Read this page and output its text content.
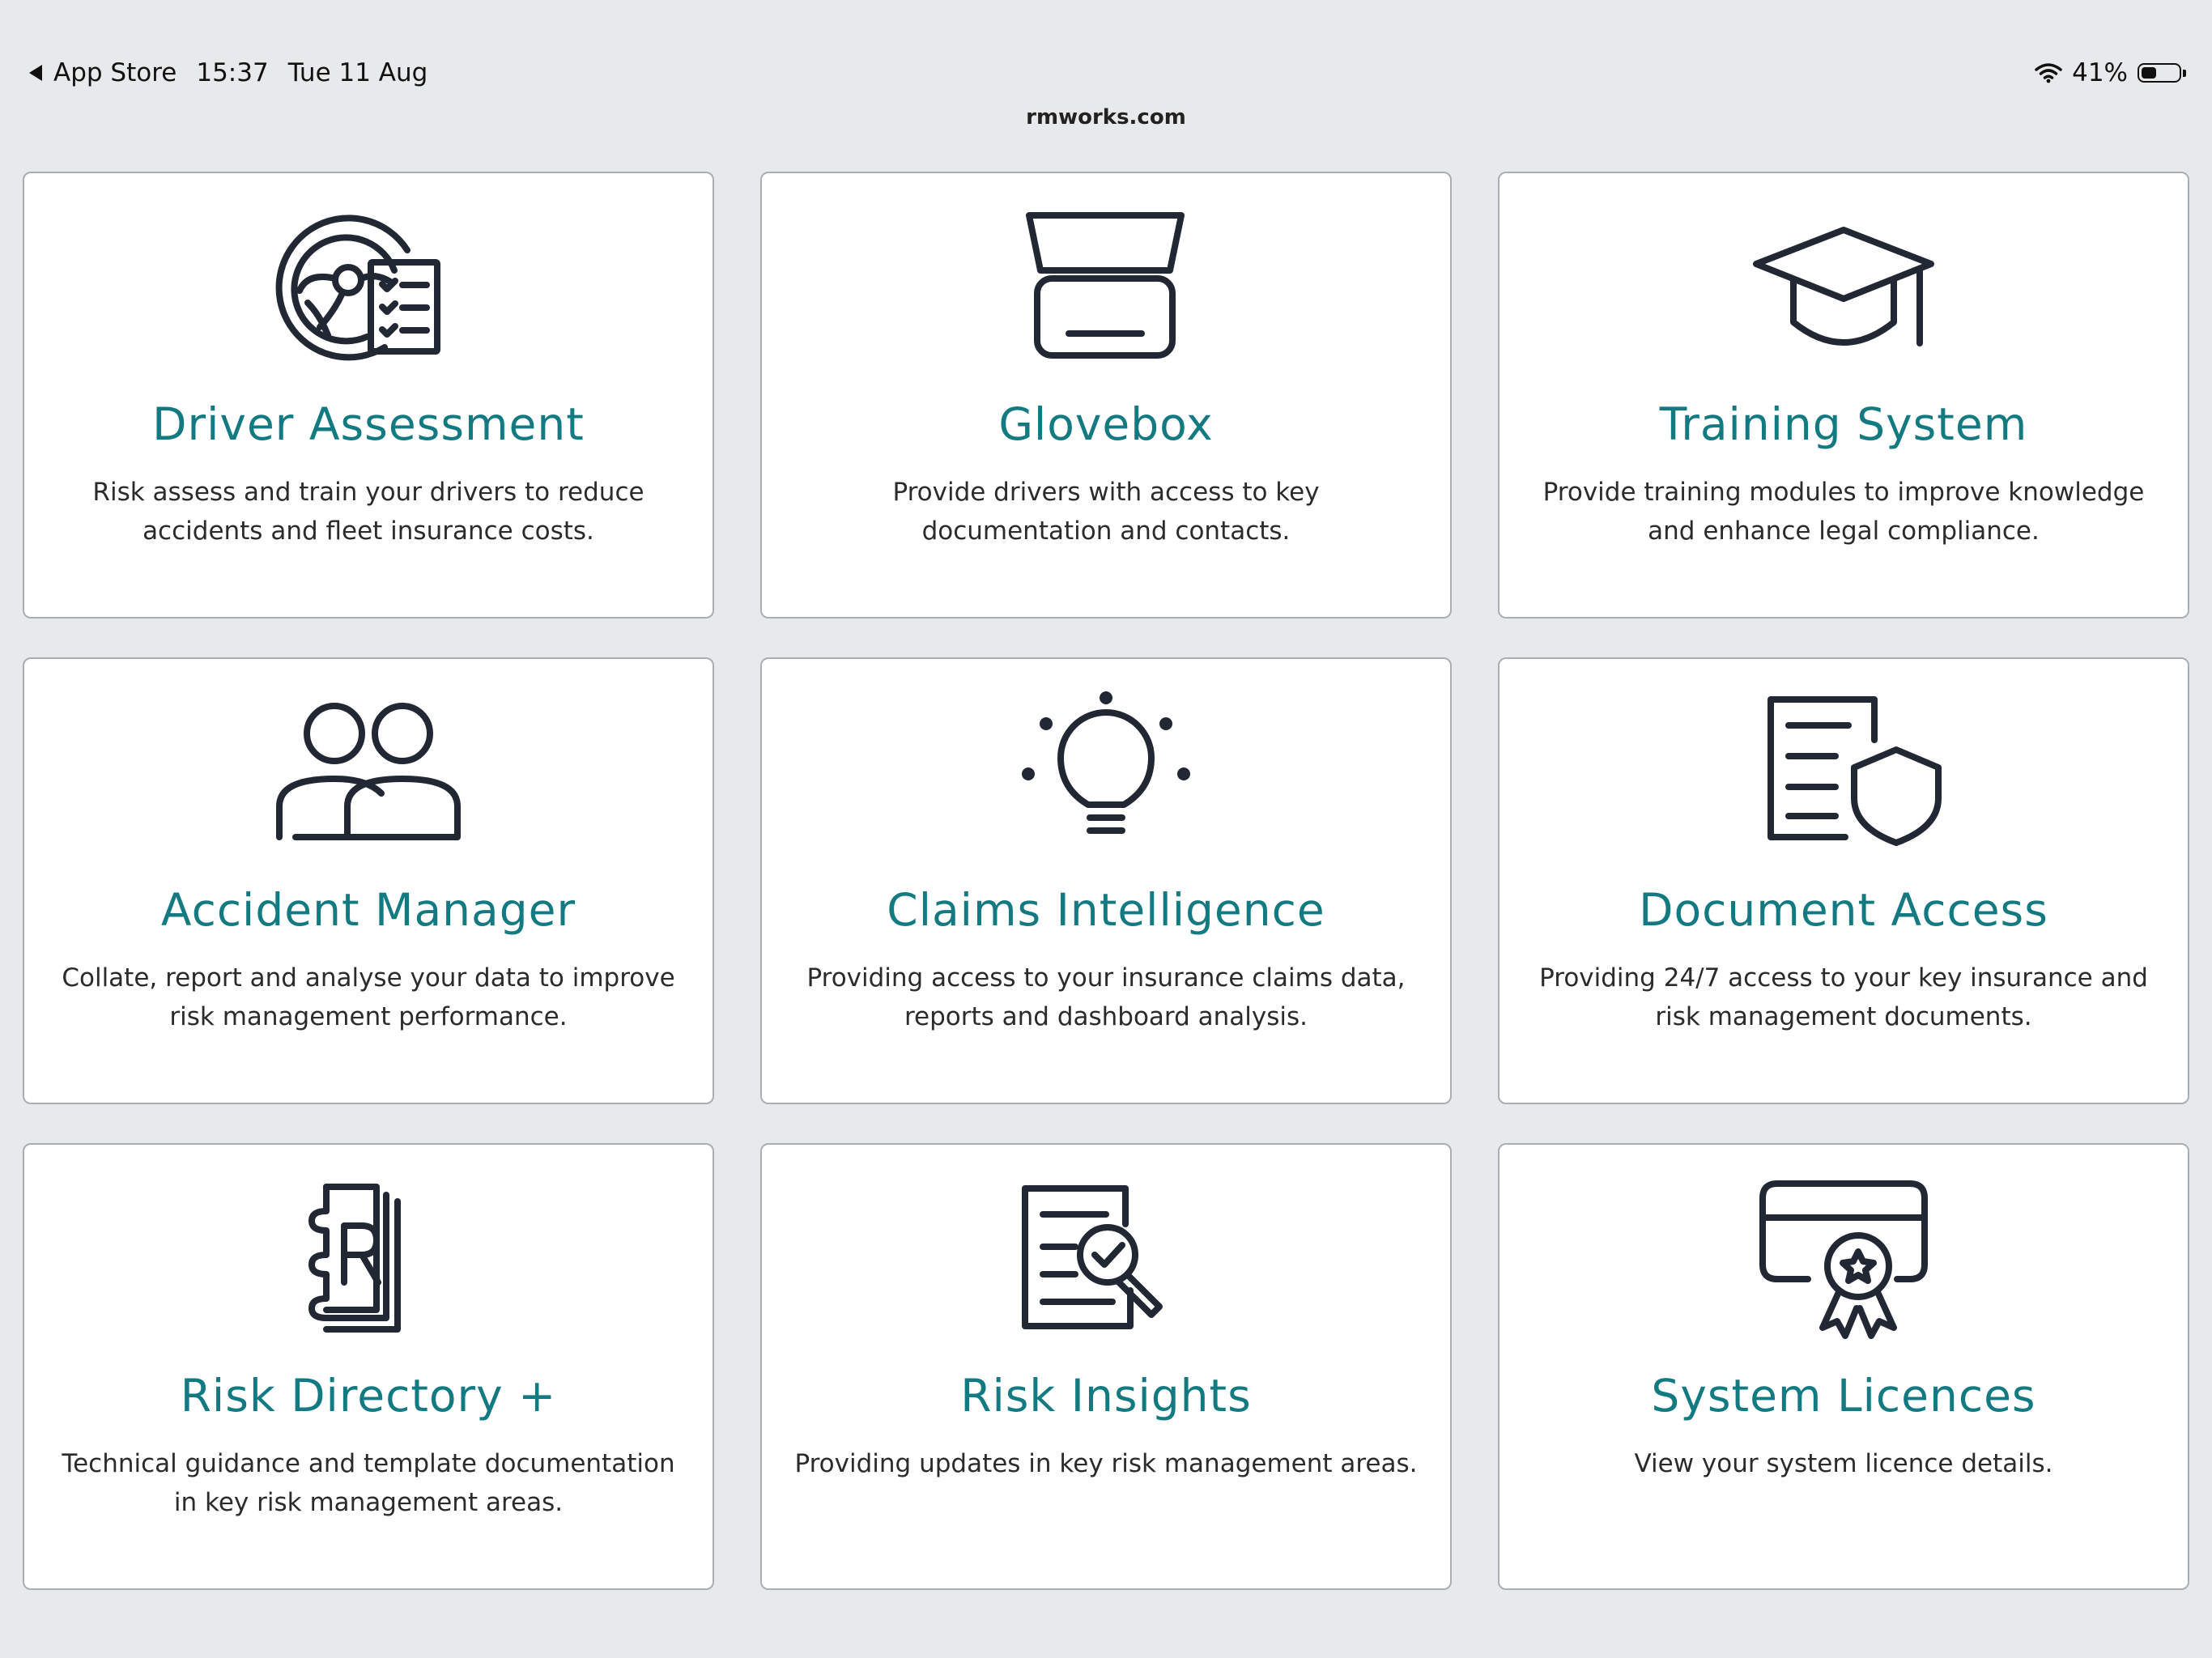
App Store 15:37 Tue 11 Aug	41%
rmworks.com
Driver Assessment
Risk assess and train your drivers to reduce accidents and fleet insurance costs.
Glovebox
Provide drivers with access to key documentation and contacts.
Training System
Provide training modules to improve knowledge and enhance legal compliance.
Accident Manager
Collate, report and analyse your data to improve risk management performance.
Claims Intelligence
Providing access to your insurance claims data, reports and dashboard analysis.
Document Access
Providing 24/7 access to your key insurance and risk management documents.
Risk Directory +
Technical guidance and template documentation in key risk management areas.
Risk Insights
Providing updates in key risk management areas.
System Licences
View your system licence details.
